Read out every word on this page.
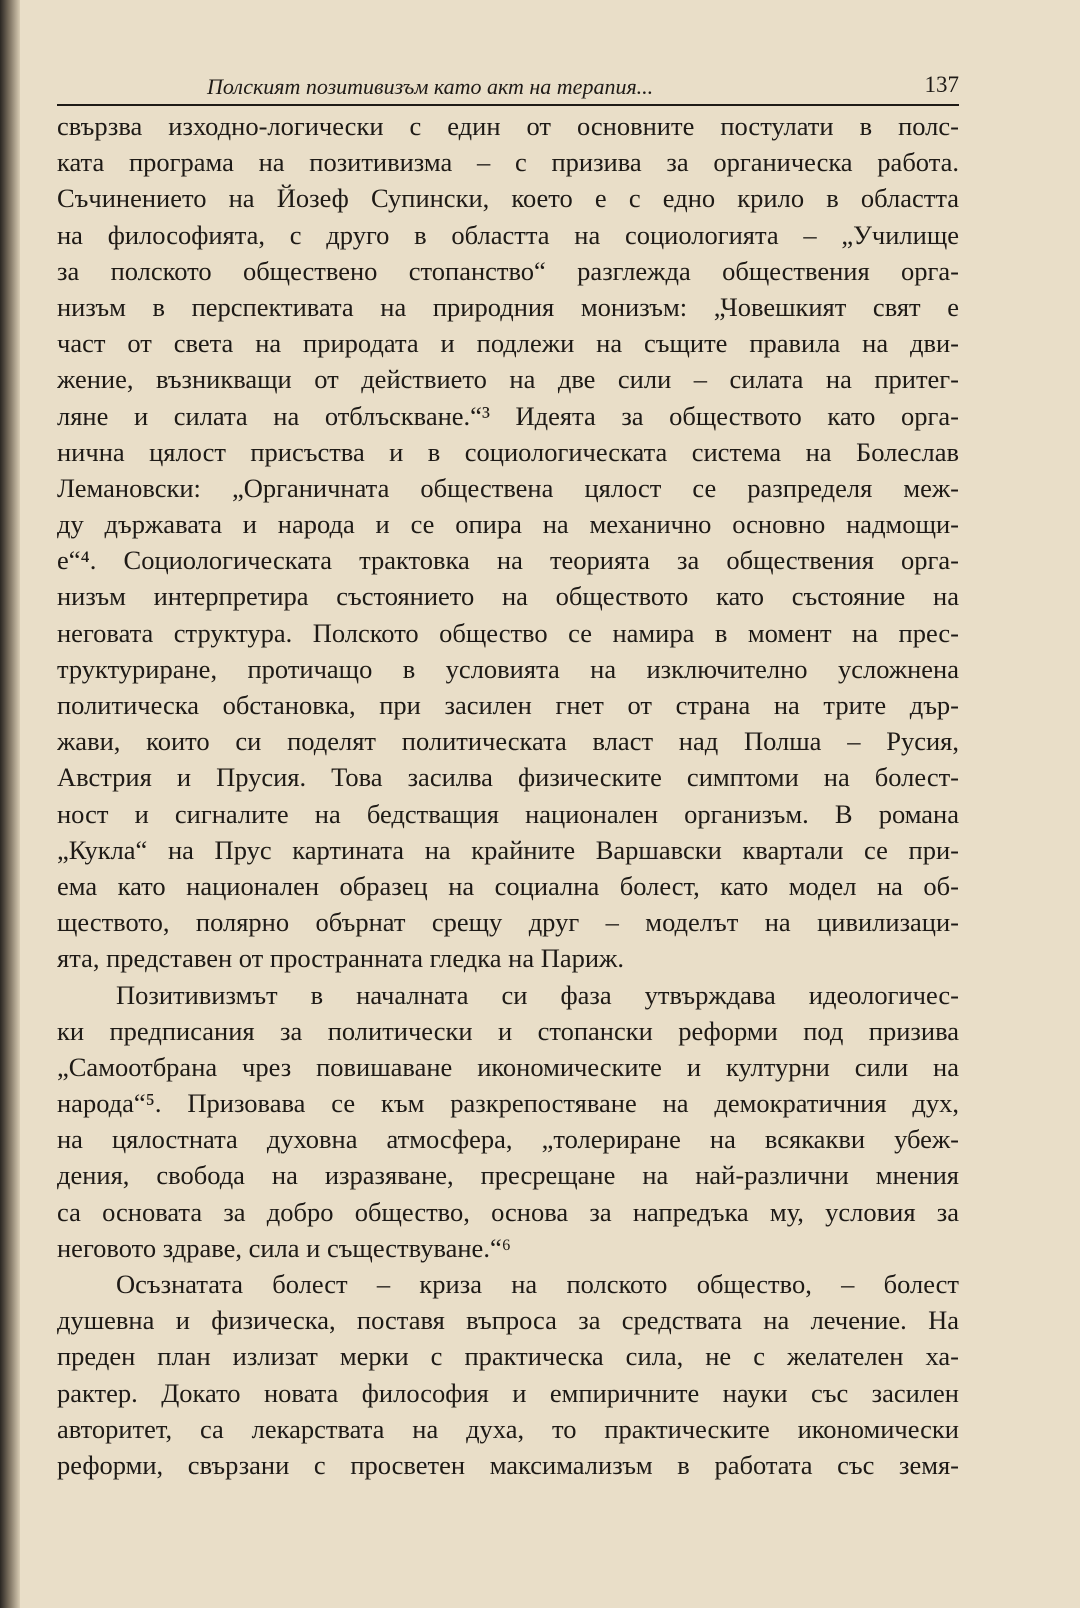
Полският позитивизъм като акт на терапия...	137
свързва изходно-логически с един от основните постулати в полс-
ката програма на позитивизма – с призива за органическа работа.
Съчинението на Йозеф Супински, което е с едно крило в областта
на философията, с друго в областта на социологията – „Училище
за полското обществено стопанство“ разглежда обществения орга-
низъм в перспективата на природния монизъм: „Човешкият свят е
част от света на природата и подлежи на същите правила на дви-
жение, възникващи от действието на две сили – силата на притег-
ляне и силата на отблъскване.“³ Идеята за обществото като орга-
нична цялост присъства и в социологическата система на Болеслав
Леманoвски: „Органичната обществена цялост се разпределя меж-
ду държавата и народа и се опира на механично основно надмощи-
е“⁴. Социологическата трактовка на теорията за обществения орга-
низъм интерпретира състоянието на обществото като състояние на
неговата структура. Полското общество се намира в момент на прес-
труктуриране, протичащо в условията на изключително усложнена
политическа обстановка, при засилен гнет от страна на трите дър-
жави, които си поделят политическата власт над Полша – Русия,
Австрия и Прусия. Това засилва физическите симптоми на болест-
ност и сигналите на бедстващия национален организъм. В романа
„Кукла“ на Прус картината на крайните Варшавски квартали се при-
ема като национален образец на социална болест, като модел на об-
ществото, полярно обърнат срещу друг – моделът на цивилизаци-
ята, представен от пространната гледка на Париж.
Позитивизмът в началната си фаза утвърждава идеологичес-
ки предписания за политически и стопански реформи под призива
„Самоотбрана чрез повишаване икономическите и културни сили на
народа“⁵. Призовава се към разкрепостяване на демократичния дух,
на цялостната духовна атмосфера, „толериране на всякакви убеж-
дения, свобода на изразяване, пресрещане на най-различни мнения
са основата за добро общество, основа за напредъка му, условия за
неговото здраве, сила и съществуване.“⁶
Осъзнатата болест – криза на полското общество, – болест
душевна и физическа, поставя въпроса за средствата на лечение. На
преден план излизат мерки с практическа сила, не с желателен ха-
рактер. Докато новата философия и емпиричните науки със засилен
авторитет, са лекарствата на духа, то практическите икономически
реформи, свързани с просветен максимализъм в работата със земя-
